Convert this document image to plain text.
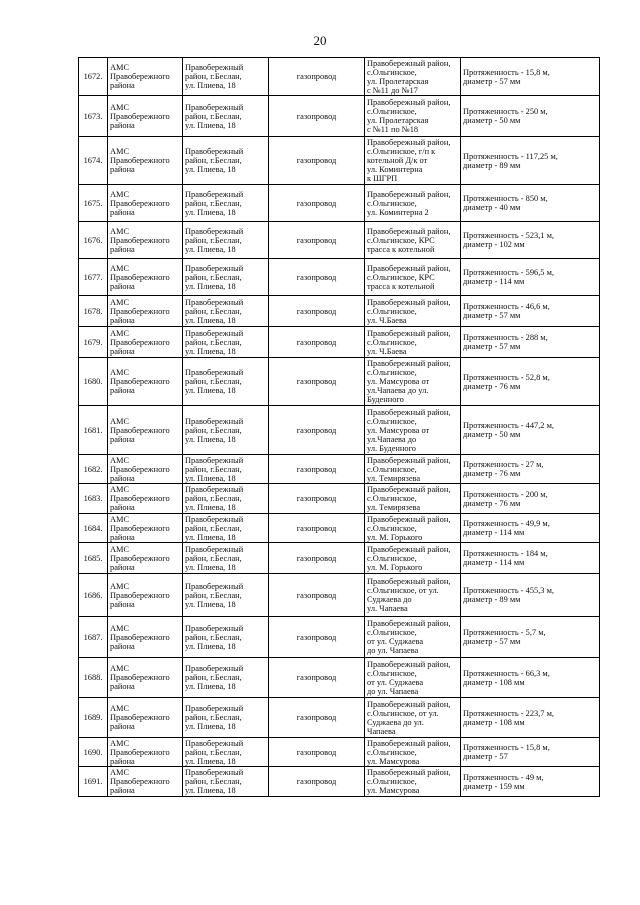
20
1672.	АМС
Правобережного
района	Правобережный
район, г.Беслан,
ул. Плиева, 18	газопровод	Правобережный район,
с.Ольгинское,
ул. Пролетарская
с №11 до №17	Протяженность - 15,8 м,
диаметр - 57 мм
1673.	АМС
Правобережного
района	Правобережный
район, г.Беслан,
ул. Плиева, 18	газопровод	Правобережный район,
с.Ольгинское,
ул. Пролетарская
с №11 по №18	Протяженность - 250 м,
диаметр - 50 мм
1674.	АМС
Правобережного
района	Правобережный
район, г.Беслан,
ул. Плиева, 18	газопровод	Правобережный район,
с.Ольгинское, г/п к
котельной Д/к от
ул. Коминтерна
к ШГРП	Протяженность - 117,25 м,
диаметр - 89 мм
1675.	АМС
Правобережного
района	Правобережный
район, г.Беслан,
ул. Плиева, 18	газопровод	Правобережный район,
с.Ольгинское,
ул. Коминтерна 2	Протяженность - 850 м,
диаметр - 40 мм
1676.	АМС
Правобережного
района	Правобережный
район, г.Беслан,
ул. Плиева, 18	газопровод	Правобережный район,
с.Ольгинское, КРС
трасса к котельной	Протяженность - 523,1 м,
диаметр - 102 мм
1677.	АМС
Правобережного
района	Правобережный
район, г.Беслан,
ул. Плиева, 18	газопровод	Правобережный район,
с.Ольгинское, КРС
трасса к котельной	Протяженность - 596,5 м,
диаметр - 114 мм
1678.	АМС
Правобережного
района	Правобережный
район, г.Беслан,
ул. Плиева, 18	газопровод	Правобережный район,
с.Ольгинское,
ул. Ч.Баева	Протяженность - 46,6 м,
диаметр - 57 мм
1679.	АМС
Правобережного
района	Правобережный
район, г.Беслан,
ул. Плиева, 18	газопровод	Правобережный район,
с.Ольгинское,
ул. Ч.Баева	Протяженность - 288 м,
диаметр - 57 мм
1680.	АМС
Правобережного
района	Правобережный
район, г.Беслан,
ул. Плиева, 18	газопровод	Правобережный район,
с.Ольгинское,
ул. Мамсурова от
ул.Чапаева до ул.
Буденного	Протяженность - 52,8 м,
диаметр - 76 мм
1681.	АМС
Правобережного
района	Правобережный
район, г.Беслан,
ул. Плиева, 18	газопровод	Правобережный район,
с.Ольгинское,
ул. Мамсурова от
ул.Чапаева до
ул. Буденного	Протяженность - 447,2 м,
диаметр - 50 мм
1682.	АМС
Правобережного
района	Правобережный
район, г.Беслан,
ул. Плиева, 18	газопровод	Правобережный район,
с.Ольгинское,
ул. Темирязева	Протяженность - 27 м,
диаметр - 76 мм
1683.	АМС
Правобережного
района	Правобережный
район, г.Беслан,
ул. Плиева, 18	газопровод	Правобережный район,
с.Ольгинское,
ул. Темирязева	Протяженность - 200 м,
диаметр - 76 мм
1684.	АМС
Правобережного
района	Правобережный
район, г.Беслан,
ул. Плиева, 18	газопровод	Правобережный район,
с.Ольгинское,
ул. М. Горького	Протяженность - 49,9 м,
диаметр - 114 мм
1685.	АМС
Правобережного
района	Правобережный
район, г.Беслан,
ул. Плиева, 18	газопровод	Правобережный район,
с.Ольгинское,
ул. М. Горького	Протяженность - 184 м,
диаметр - 114 мм
1686.	АМС
Правобережного
района	Правобережный
район, г.Беслан,
ул. Плиева, 18	газопровод	Правобережный район,
с.Ольгинское, от ул.
Суджаева до
ул. Чапаева	Протяженность - 455,3 м,
диаметр - 89 мм
1687.	АМС
Правобережного
района	Правобережный
район, г.Беслан,
ул. Плиева, 18	газопровод	Правобережный район,
с.Ольгинское,
от ул. Суджаева
до ул. Чапаева	Протяженность - 5,7 м,
диаметр - 57 мм
1688.	АМС
Правобережного
района	Правобережный
район, г.Беслан,
ул. Плиева, 18	газопровод	Правобережный район,
с.Ольгинское,
от ул. Суджаева
до ул. Чапаева	Протяженность - 66,3 м,
диаметр - 108 мм
1689.	АМС
Правобережного
района	Правобережный
район, г.Беслан,
ул. Плиева, 18	газопровод	Правобережный район,
с.Ольгинское, от ул.
Суджаева до ул.
Чапаева	Протяженность - 223,7 м,
диаметр - 108 мм
1690.	АМС
Правобережного
района	Правобережный
район, г.Беслан,
ул. Плиева, 18	газопровод	Правобережный район,
с.Ольгинское,
ул. Мамсурова	Протяженность - 15,8 м,
диаметр - 57
1691.	АМС
Правобережного
района	Правобережный
район, г.Беслан,
ул. Плиева, 18	газопровод	Правобережный район,
с.Ольгинское,
ул. Мамсурова	Протяженность - 49 м,
диаметр - 159 мм
